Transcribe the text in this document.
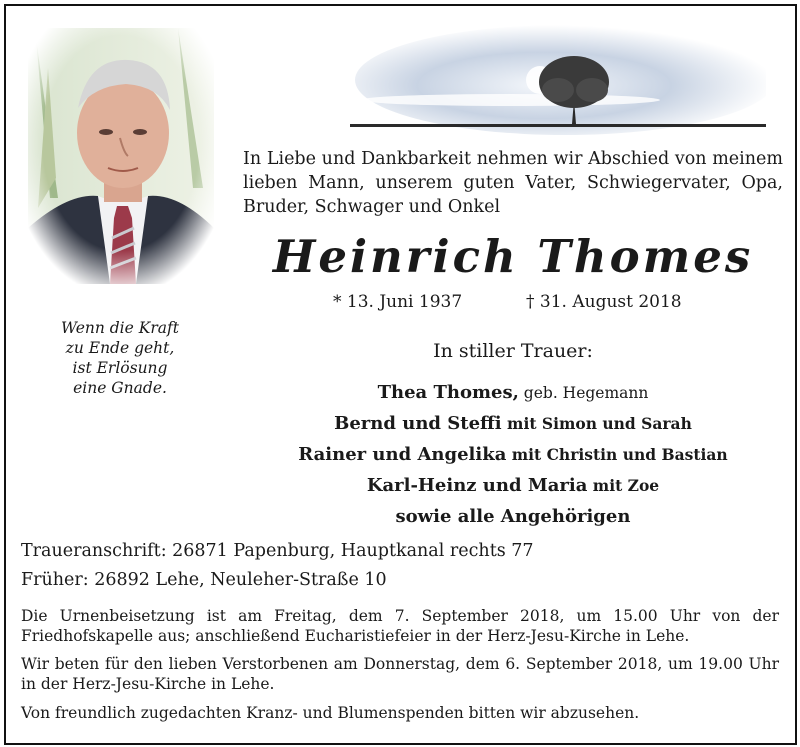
Wenn die Kraft
zu Ende geht,
ist Erlösung
eine Gnade.
In Liebe und Dankbarkeit nehmen wir Abschied von meinem lieben Mann, unserem guten Vater, Schwiegervater, Opa, Bruder, Schwager und Onkel
Heinrich Thomes
* 13. Juni 1937	† 31. August 2018
In stiller Trauer:
Thea Thomes, geb. Hegemann
Bernd und Steffi mit Simon und Sarah
Rainer und Angelika mit Christin und Bastian
Karl-Heinz und Maria mit Zoe
sowie alle Angehörigen
Traueranschrift: 26871 Papenburg, Hauptkanal rechts 77
Früher: 26892 Lehe, Neuleher-Straße 10
Die Urnenbeisetzung ist am Freitag, dem 7. September 2018, um 15.00 Uhr von der Friedhofskapelle aus; anschließend Eucharistiefeier in der Herz-Jesu-Kirche in Lehe.
Wir beten für den lieben Verstorbenen am Donnerstag, dem 6. September 2018, um 19.00 Uhr in der Herz-Jesu-Kirche in Lehe.
Von freundlich zugedachten Kranz- und Blumenspenden bitten wir abzusehen.
